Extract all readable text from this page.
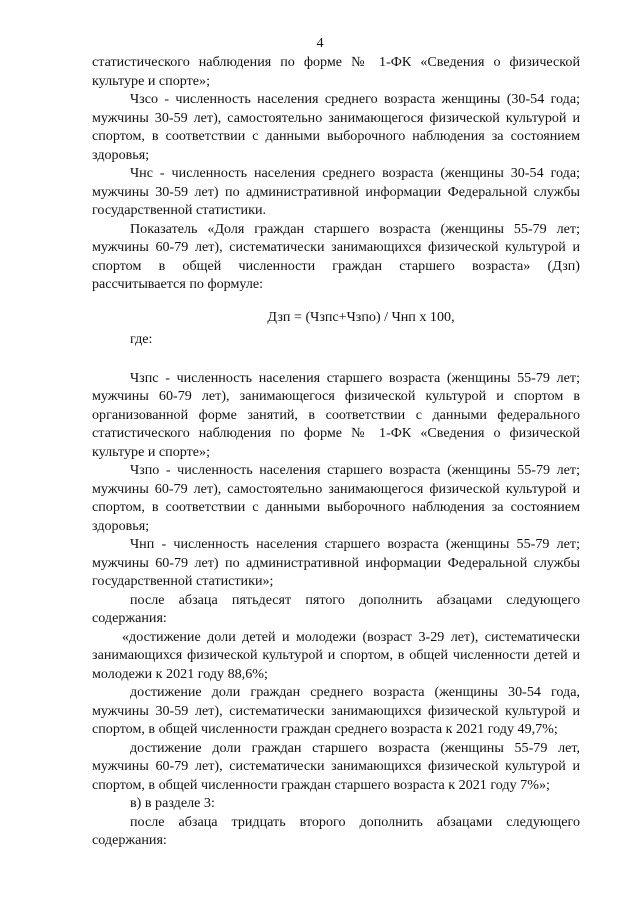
4

статистического наблюдения по форме № 1-ФК «Сведения о физической культуре и спорте»;

Чзсо - численность населения среднего возраста женщины (30-54 года; мужчины 30-59 лет), самостоятельно занимающегося физической культурой и спортом, в соответствии с данными выборочного наблюдения за состоянием здоровья;

Чнс - численность населения среднего возраста (женщины 30-54 года; мужчины 30-59 лет) по административной информации Федеральной службы государственной статистики.

Показатель «Доля граждан старшего возраста (женщины 55-79 лет; мужчины 60-79 лет), систематически занимающихся физической культурой и спортом в общей численности граждан старшего возраста» (Дзп) рассчитывается по формуле:

Дзп = (Чзпс+Чзпо) / Чнп х 100,

где:

Чзпс - численность населения старшего возраста (женщины 55-79 лет; мужчины 60-79 лет), занимающегося физической культурой и спортом в организованной форме занятий, в соответствии с данными федерального статистического наблюдения по форме № 1-ФК «Сведения о физической культуре и спорте»;

Чзпо - численность населения старшего возраста (женщины 55-79 лет; мужчины 60-79 лет), самостоятельно занимающегося физической культурой и спортом, в соответствии с данными выборочного наблюдения за состоянием здоровья;

Чнп - численность населения старшего возраста (женщины 55-79 лет; мужчины 60-79 лет) по административной информации Федеральной службы государственной статистики»;

после абзаца пятьдесят пятого дополнить абзацами следующего содержания:

«достижение доли детей и молодежи (возраст 3-29 лет), систематически занимающихся физической культурой и спортом, в общей численности детей и молодежи к 2021 году 88,6%;

достижение доли граждан среднего возраста (женщины 30-54 года, мужчины 30-59 лет), систематически занимающихся физической культурой и спортом, в общей численности граждан среднего возраста к 2021 году 49,7%;

достижение доли граждан старшего возраста (женщины 55-79 лет, мужчины 60-79 лет), систематически занимающихся физической культурой и спортом, в общей численности граждан старшего возраста к 2021 году 7%»;

в) в разделе 3:

после абзаца тридцать второго дополнить абзацами следующего содержания:
